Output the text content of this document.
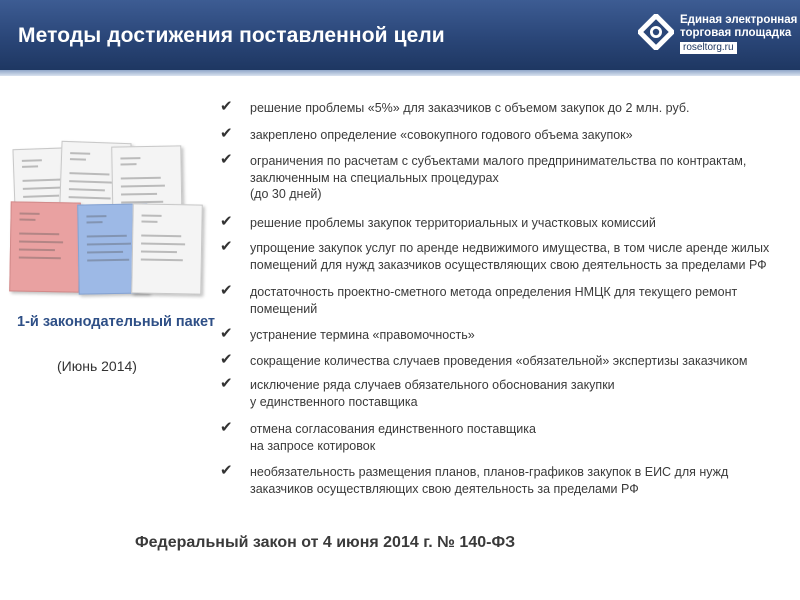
Методы достижения поставленной цели
Единая электронная
торговая площадка
roseltorg.ru

1-й законодательный пакет

(Июнь 2014)

✔	решение проблемы «5%» для заказчиков с объемом закупок до 2 млн. руб.
✔	закреплено определение «совокупного годового объема закупок»
✔	ограничения по расчетам с субъектами малого предпринимательства по контрактам,
заключенным на специальных процедурах
(до 30 дней)
✔	решение проблемы закупок территориальных и участковых комиссий
✔	упрощение закупок услуг по аренде недвижимого имущества, в том числе аренде жилых
помещений для нужд заказчиков осуществляющих свою деятельность за пределами РФ
✔	достаточность проектно-сметного метода определения НМЦК для текущего ремонт
помещений
✔	устранение термина «правомочность»
✔	сокращение количества случаев проведения «обязательной» экспертизы заказчиком
✔	исключение ряда случаев обязательного обоснования закупки
у единственного поставщика
✔	отмена согласования единственного поставщика
на запросе котировок
✔	необязательность размещения планов, планов-графиков закупок в ЕИС для нужд
заказчиков осуществляющих свою деятельность за пределами РФ

Федеральный закон от 4 июня 2014 г. № 140-ФЗ
